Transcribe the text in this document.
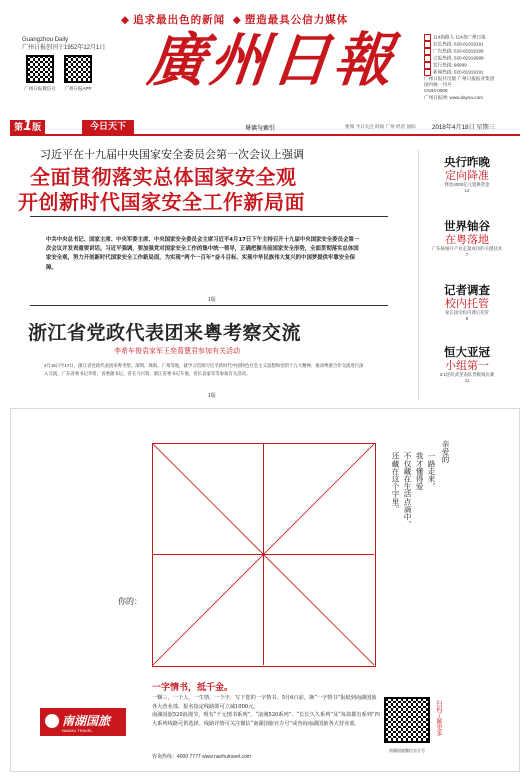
◆ 追求最出色的新闻 ◆ 塑造最具公信力媒体
Guangzhou Daily
广州日报创刊于1952年12月1日
广州日报微信号	广州日报APP 廣州日報	114指路人 114查广州日报
社长热线: 020-81919191
广告热线: 020-81919169
订报热线: 020-81919999
发行热线: 96999
新闻热线: 020-81919191
广州日报社出版 广州日报报业集团
国内统一刊号
CN44-0006
广州日报网: www.dayoo.com
第1版	今日天下	导读与索引	要闻 今日关注 时政 广州 经济 国际	2018年4月18日 星期三
习近平在十九届中央国家安全委员会第一次会议上强调
全面贯彻落实总体国家安全观
开创新时代国家安全工作新局面
中共中央总书记、国家主席、中央军委主席、中央国家安全委员会主席习近平4月17日下午主持召开十九届中央国家安全委员会第一次会议并发表重要讲话。习近平强调，要加强党对国家安全工作的集中统一领导，正确把握当前国家安全形势，全面贯彻落实总体国家安全观，努力开创新时代国家安全工作新局面，为实现“两个一百年”奋斗目标、实现中华民族伟大复兴的中国梦提供牢靠安全保障。
1版
浙江省党政代表团来粤考察交流
李希车俊袁家军王奕葛慧君参加有关活动
4月16日至17日，浙江省党政代表团来粤考察，深圳、珠海、广州等地，就学习贯彻习近平新时代中国特色社会主义思想和党的十九大精神、推动粤浙合作交流进行深入交流。广东省委书记李希，省委副书记、省长马兴瑞，浙江省委书记车俊，省长袁家军等参加有关活动。
1版
央行昨晚
定向降准
释放4000亿元置换资金
12
世界铀谷
在粤落地
广东核铀开产业走量成功的关键技术
7
记者调查
校内托管
家长接受校内课后托管
8
恒大亚冠
小组第一
3:1逆转武里南队晋级淘汰赛
11
亲爱的
一路走来，
我才懂得爱
不仅藏在生活点滴中，
还藏在这个字里。
你的：
一字情书，抵千金。
一颗三，一个人，一生情，一个字，写下您的一字情书，5月6日前，换“一字情书”报纸到南湖国旅各大营业部，报名指定线路即可立减1000元。
南湖国旅520浪漫节，现有“千元情书系列”、“浪漫520系列”、“长长久久系列”及“每款都有系列”四大系列线路可供选择。线路详情可关注微信“南湖国旅官方号”或咨询南湖国旅各大营业部。
咨询热线：4000 7777 www.nanhutravel.com
南湖国旅
NANHU TRAVEL
南湖国旅微信官方号
扫码了解更多
